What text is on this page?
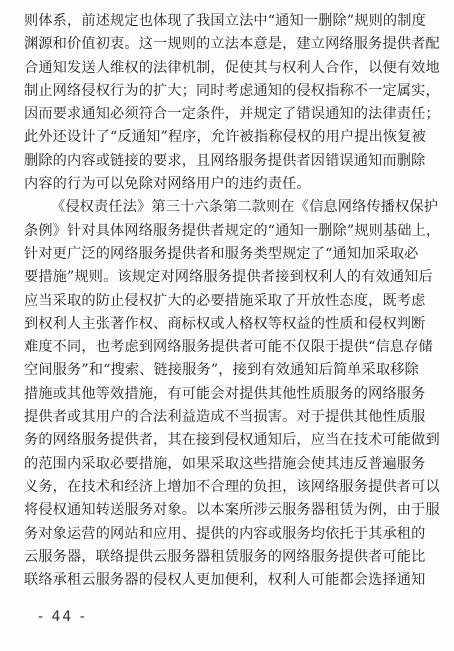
则体系，前述规定也体现了我国立法中“通知一删除”规则的制度
渊源和价值初衷。这一规则的立法本意是，建立网络服务提供者配
合通知发送人维权的法律机制，促使其与权利人合作，以便有效地
制止网络侵权行为的扩大；同时考虑通知的侵权指称不一定属实，
因而要求通知必须符合一定条件，并规定了错误通知的法律责任；
此外还设计了“反通知”程序，允许被指称侵权的用户提出恢复被
删除的内容或链接的要求，且网络服务提供者因错误通知而删除
内容的行为可以免除对网络用户的违约责任。
《侵权责任法》第三十六条第二款则在《信息网络传播权保护
条例》针对具体网络服务提供者规定的“通知一删除”规则基础上，
针对更广泛的网络服务提供者和服务类型规定了“通知加采取必
要措施”规则。该规定对网络服务提供者接到权利人的有效通知后
应当采取的防止侵权扩大的必要措施采取了开放性态度，既考虑
到权利人主张著作权、商标权或人格权等权益的性质和侵权判断
难度不同，也考虑到网络服务提供者可能不仅限于提供“信息存储
空间服务”和“搜索、链接服务”，接到有效通知后简单采取移除
措施或其他等效措施，有可能会对提供其他性质服务的网络服务
提供者或其用户的合法利益造成不当损害。对于提供其他性质服
务的网络服务提供者，其在接到侵权通知后，应当在技术可能做到
的范围内采取必要措施，如果采取这些措施会使其违反普遍服务
义务，在技术和经济上增加不合理的负担，该网络服务提供者可以
将侵权通知转送服务对象。以本案所涉云服务器租赁为例，由于服
务对象运营的网站和应用、提供的内容或服务均依托于其承租的
云服务器，联络提供云服务器租赁服务的网络服务提供者可能比
联络承租云服务器的侵权人更加便利，权利人可能都会选择通知
- 44 -
